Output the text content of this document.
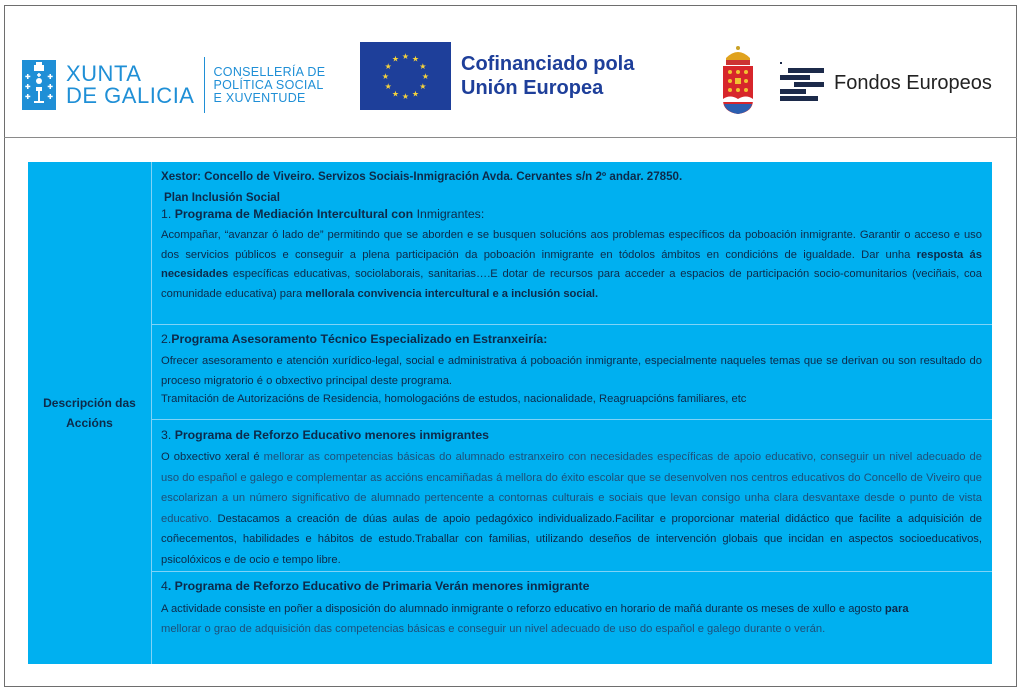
XUNTA
DE GALICIA
CONSELLERÍA DE
POLÍTICA SOCIAL
E XUVENTUDE
★ ★
★
★
★
★
★
★
★
★
★
★	Cofinanciado pola
Unión Europea	Fondos Europeos
Descripción das
Accións

Xestor: Concello de Viveiro. Servizos Sociais-Inmigración Avda. Cervantes s/n 2º andar. 27850.

Plan Inclusión Social

1. Programa de Mediación Intercultural con Inmigrantes:

Acompañar, “avanzar ó lado de” permitindo que se aborden e se busquen solucións aos problemas específicos da poboación inmigrante. Garantir o acceso e uso dos servicios públicos e conseguir a plena participación da poboación inmigrante en tódolos ámbitos en condicións de igualdade. Dar unha resposta ás necesidades específicas educativas, sociolaborais, sanitarias….E dotar de recursos para acceder a espacios de participación socio-comunitarios (veciñais, coa comunidade educativa) para mellorala convivencia intercultural e a inclusión social.

2.Programa Asesoramento Técnico Especializado en Estranxeiría:

Ofrecer asesoramento e atención xurídico-legal, social e administrativa á poboación inmigrante, especialmente naqueles temas que se derivan ou son resultado do proceso migratorio é o obxectivo principal deste programa.

Tramitación de Autorizacións de Residencia, homologacións de estudos, nacionalidade, Reagruapcións familiares, etc

3. Programa de Reforzo Educativo menores inmigrantes

O obxectivo xeral é mellorar as competencias básicas do alumnado estranxeiro con necesidades específicas de apoio educativo, conseguir un nivel adecuado de uso do español e galego e complementar as accións encamiñadas á mellora do éxito escolar que se desenvolven nos centros educativos do Concello de Viveiro que escolarizan a un número significativo de alumnado pertencente a contornas culturais e sociais que levan consigo unha clara desvantaxe desde o punto de vista educativo. Destacamos a creación de dúas aulas de apoio pedagóxico individualizado.Facilitar e proporcionar material didáctico que facilite a adquisición de coñecementos, habilidades e hábitos de estudo.Traballar con familias, utilizando deseños de intervención globais que incidan en aspectos socioeducativos, psicolóxicos e de ocio e tempo libre.

4. Programa de Reforzo Educativo de Primaria Verán menores inmigrante

A actividade consiste en poñer a disposición do alumnado inmigrante o reforzo educativo en horario de mañá durante os meses de xullo e agosto para mellorar o grao de adquisición das competencias básicas e conseguir un nivel adecuado de uso do español e galego durante o verán.
